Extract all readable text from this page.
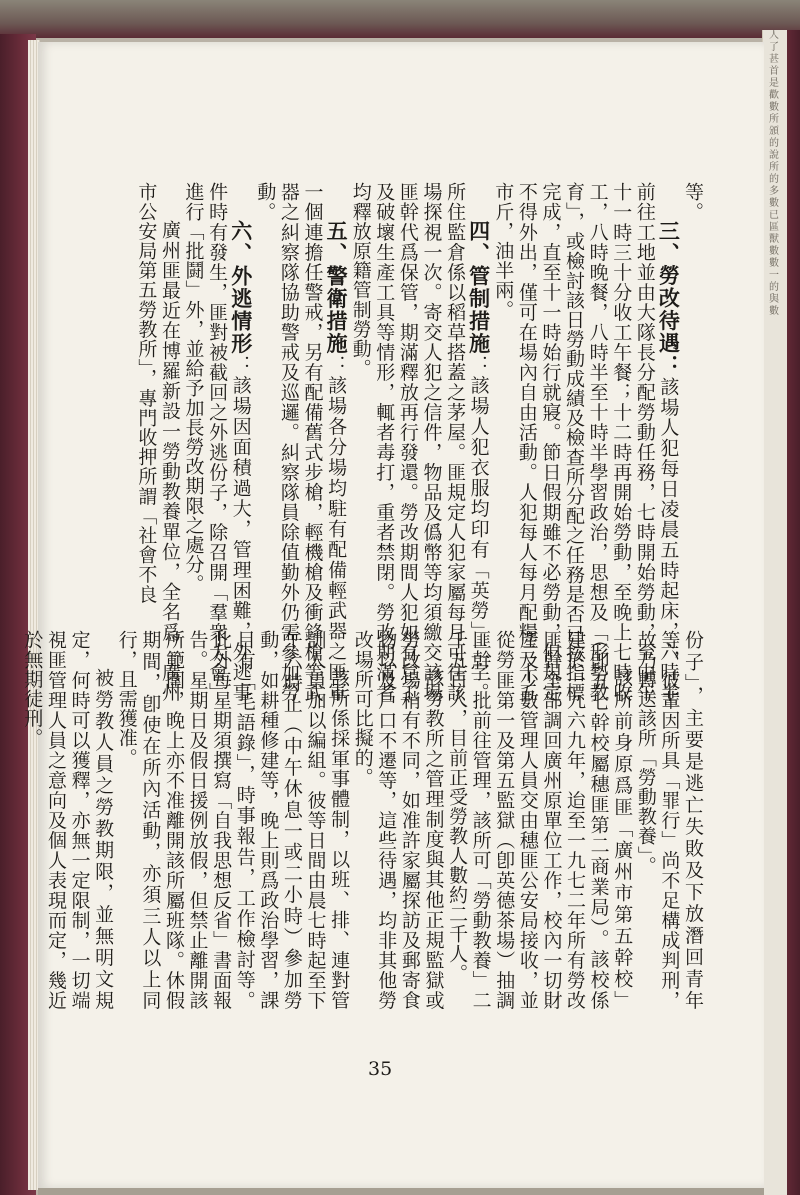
人了甚首是歡數所頒的說所的多數已區獸數數一的與數

等。

三、勞改待遇：該場人犯每日凌晨五時起床，六時半前往工地並由大隊長分配勞動任務，七時開始勞動，至中午十一時三十分收工午餐；十二時再開始勞動，至晚上七時收工，八時晚餐，八時半至十時半學習政治，思想及「形勢教育」，或檢討該日勞動成績及檢查所分配之任務是否已按指標完成，直至十一時始行就寢。節日假期雖不必勞動，但規定不得外出，僅可在場內自由活動。人犯每人每月配糧二十五市斤，油半兩。

四、管制措施：該場人犯衣服均印有「英勞」二字。所住監倉係以稻草搭蓋之茅屋。匪規定人犯家屬每月可往該場探視一次。寄交人犯之信件，物品及僞幣等均須繳交該場匪幹代爲保管，期滿釋放再行發還。勞改期間人犯如有怠工及破壞生產工具等情形，輒者毒打，重者禁閉。勞改期滿者均釋放原籍管制勞動。

五、警衛措施：該場各分場均駐有配備輕武器之匪軍一個連擔任警戒，另有配備舊式步槍，輕機槍及衝鋒槍等武器之糾察隊協助警戒及巡邏。糾察隊員除值勤外仍需參加勞動。

六、外逃情形：該場因面積過大，管理困難，外逃事件時有發生，匪對被截回之外逃份子，除召開「羣衆大會」進行「批鬪」外，並給予加長勞改期限之處分。

廣州匪最近在博羅新設一勞動教養單位，全名爲「廣州市公安局第五勞教所」，專門收押所謂「社會不良

份子」，主要是逃亡失敗及下放潛回青年等，彼輩因所具「罪行」尚不足構成判刑，故乃轉送該所「勞動教養」。

該所前身原爲匪「廣州市第五幹校」（卽五七幹校屬穗匪第二商業局）。該校係建於一九六九年，迨至一九七二年所有勞改匪幹全部調回廣州原單位工作，校內一切財產及少數管理人員交由穗匪公安局接收，並從勞匪第一及第五監獄（卽英德茶場）抽調匪幹一批前往管理，該所可「勞動教養」二千五百人，目前正受勞教人數約二千人。

該勞教所之管理制度與其他正規監獄或勞改場稍有不同，如准許家屬探訪及郵寄食物以及戶口不遷等，這些待遇，均非其他勞改場所可比擬的。

該所係採軍事體制，以班、排、連對管訓人員加以編組。彼等日間由晨七時起至下午六時止（中午休息一或二小時）參加勞動，如耕種修建等，晚上則爲政治學習，課目有「毛語錄」，時事報告，工作檢討等。此外每星期須撰寫「自我思想反省」書面報告。星期日及假日援例放假，但禁止離開該所範圍，晚上亦不准離開該所屬班隊。休假期間，卽使在所內活動，亦須三人以上同行，且需獲准。

被勞教人員之勞教期限，並無明文規定，何時可以獲釋，亦無一定限制，一切端視匪管理人員之意向及個人表現而定，幾近於無期徒刑。

35
